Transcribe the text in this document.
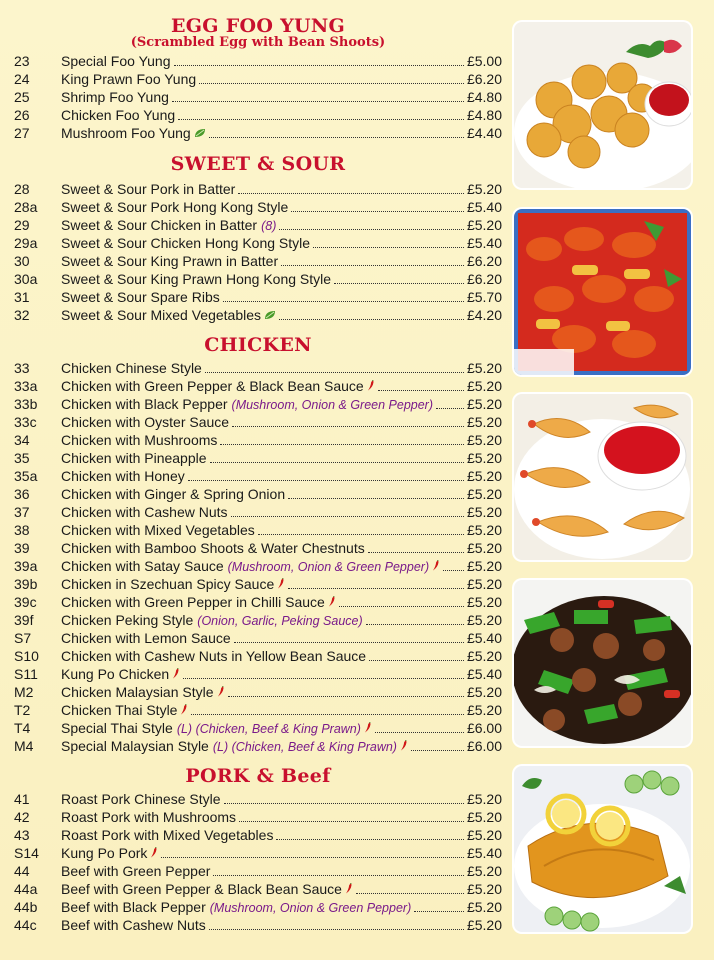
EGG FOO YUNG
(Scrambled Egg with Bean Shoots)
23	Special Foo Yung	£5.00
24	King Prawn Foo Yung	£6.20
25	Shrimp Foo Yung	£4.80
26	Chicken Foo Yung	£4.80
27	Mushroom Foo Yung	£4.40
SWEET & SOUR
28	Sweet & Sour Pork in Batter	£5.20
28a	Sweet & Sour Pork Hong Kong Style	£5.40
29	Sweet & Sour Chicken in Batter (8)	£5.20
29a	Sweet & Sour Chicken Hong Kong Style	£5.40
30	Sweet & Sour King Prawn in Batter	£6.20
30a	Sweet & Sour King Prawn Hong Kong Style	£6.20
31	Sweet & Sour Spare Ribs	£5.70
32	Sweet & Sour Mixed Vegetables	£4.20
CHICKEN
33	Chicken Chinese Style	£5.20
33a	Chicken with Green Pepper & Black Bean Sauce	£5.20
33b	Chicken with Black Pepper (Mushroom, Onion & Green Pepper) £5.20
33c	Chicken with Oyster Sauce	£5.20
34	Chicken with Mushrooms	£5.20
35	Chicken with Pineapple	£5.20
35a	Chicken with Honey	£5.20
36	Chicken with Ginger & Spring Onion	£5.20
37	Chicken with Cashew Nuts	£5.20
38	Chicken with Mixed Vegetables	£5.20
39	Chicken with Bamboo Shoots & Water Chestnuts	£5.20
39a	Chicken with Satay Sauce (Mushroom, Onion & Green Pepper)	£5.20
39b	Chicken in Szechuan Spicy Sauce	£5.20
39c	Chicken with Green Pepper in Chilli Sauce	£5.20
39f	Chicken Peking Style (Onion, Garlic, Peking Sauce)	£5.20
S7	Chicken with Lemon Sauce	£5.40
S10	Chicken with Cashew Nuts in Yellow Bean Sauce	£5.20
S11	Kung Po Chicken	£5.40
M2	Chicken Malaysian Style	£5.20
T2	Chicken Thai Style	£5.20
T4	Special Thai Style (L) (Chicken, Beef & King Prawn)	£6.00
M4	Special Malaysian Style (L) (Chicken, Beef & King Prawn)	£6.00
PORK & Beef
41	Roast Pork Chinese Style	£5.20
42	Roast Pork with Mushrooms	£5.20
43	Roast Pork with Mixed Vegetables	£5.20
S14	Kung Po Pork	£5.40
44	Beef with Green Pepper	£5.20
44a	Beef with Green Pepper & Black Bean Sauce	£5.20
44b	Beef with Black Pepper (Mushroom, Onion & Green Pepper)	£5.20
44c	Beef with Cashew Nuts	£5.20
